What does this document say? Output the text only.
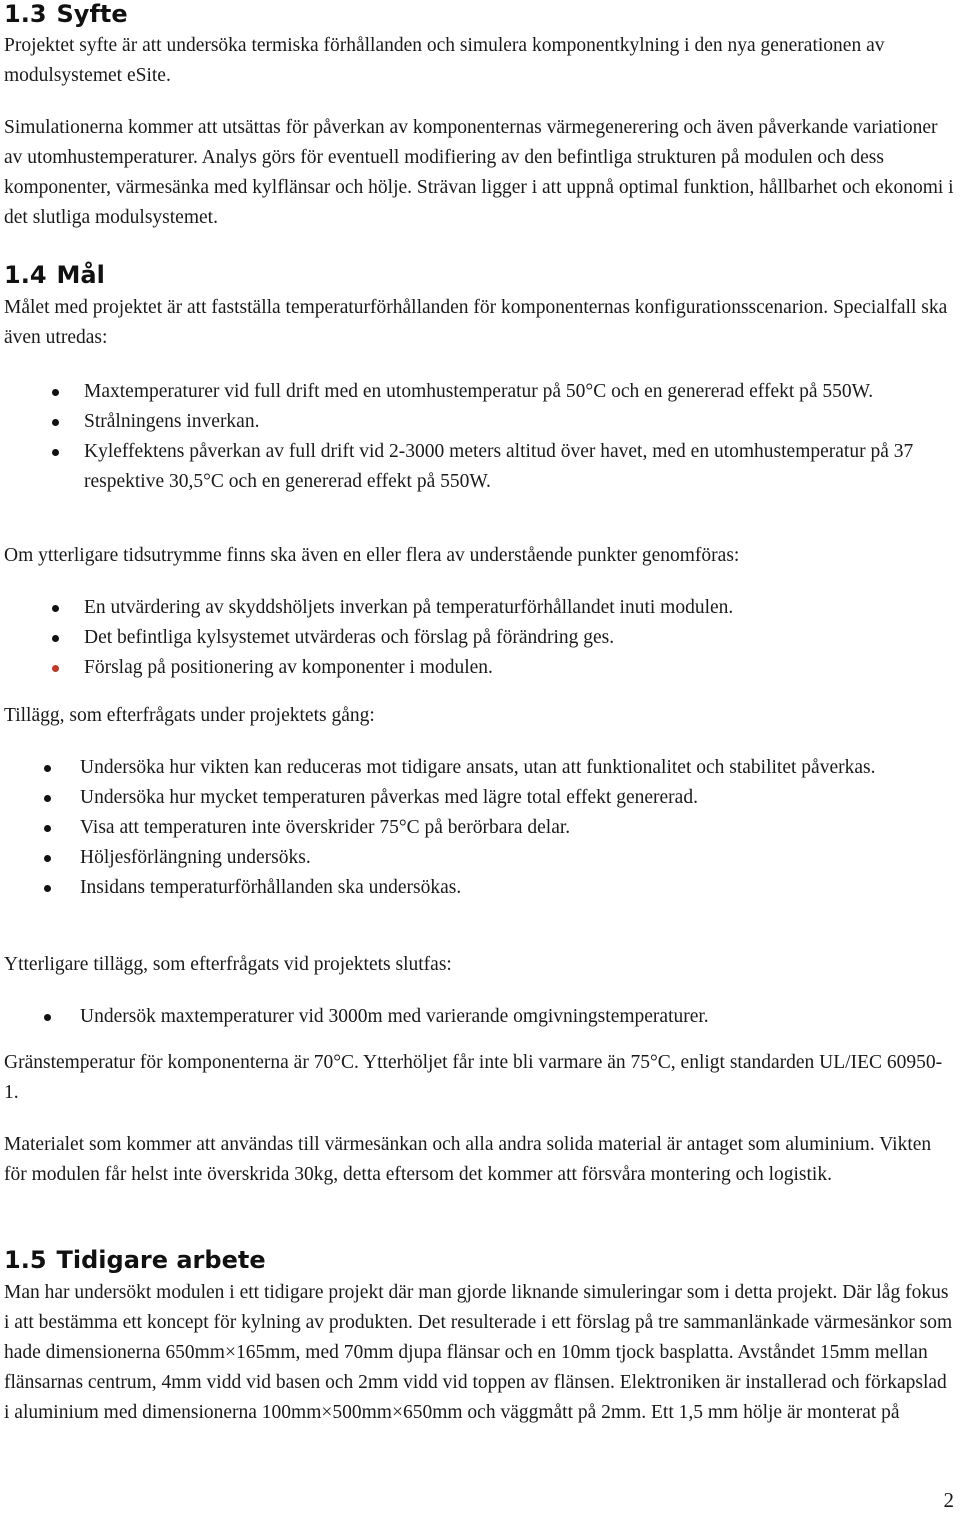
1.3 Syfte

Projektet syfte är att undersöka termiska förhållanden och simulera komponentkylning i den nya generationen av modulsystemet eSite.

Simulationerna kommer att utsättas för påverkan av komponenternas värmegenerering och även påverkande variationer av utomhustemperaturer. Analys görs för eventuell modifiering av den befintliga strukturen på modulen och dess komponenter, värmesänka med kylflänsar och hölje. Strävan ligger i att uppnå optimal funktion, hållbarhet och ekonomi i det slutliga modulsystemet.

1.4 Mål

Målet med projektet är att fastställa temperaturförhållanden för komponenternas konfigurationsscenarion. Specialfall ska även utredas:

Maxtemperaturer vid full drift med en utomhustemperatur på 50°C och en genererad effekt på 550W.
Strålningens inverkan.
Kyleffektens påverkan av full drift vid 2-3000 meters altitud över havet, med en utomhustemperatur på 37 respektive 30,5°C och en genererad effekt på 550W.

Om ytterligare tidsutrymme finns ska även en eller flera av understående punkter genomföras:

En utvärdering av skyddshöljets inverkan på temperaturförhållandet inuti modulen.
Det befintliga kylsystemet utvärderas och förslag på förändring ges.
Förslag på positionering av komponenter i modulen.

Tillägg, som efterfrågats under projektets gång:

Undersöka hur vikten kan reduceras mot tidigare ansats, utan att funktionalitet och stabilitet påverkas.
Undersöka hur mycket temperaturen påverkas med lägre total effekt genererad.
Visa att temperaturen inte överskrider 75°C på berörbara delar.
Höljesförlängning undersöks.
Insidans temperaturförhållanden ska undersökas.

Ytterligare tillägg, som efterfrågats vid projektets slutfas:

Undersök maxtemperaturer vid 3000m med varierande omgivningstemperaturer.

Gränstemperatur för komponenterna är 70°C. Ytterhöljet får inte bli varmare än 75°C, enligt standarden UL/IEC 60950-1.

Materialet som kommer att användas till värmesänkan och alla andra solida material är antaget som aluminium. Vikten för modulen får helst inte överskrida 30kg, detta eftersom det kommer att försvåra montering och logistik.

1.5 Tidigare arbete

Man har undersökt modulen i ett tidigare projekt där man gjorde liknande simuleringar som i detta projekt. Där låg fokus i att bestämma ett koncept för kylning av produkten. Det resulterade i ett förslag på tre sammanlänkade värmesänkor som hade dimensionerna 650mm×165mm, med 70mm djupa flänsar och en 10mm tjock basplatta. Avståndet 15mm mellan flänsarnas centrum, 4mm vidd vid basen och 2mm vidd vid toppen av flänsen. Elektroniken är installerad och förkapslad i aluminium med dimensionerna 100mm×500mm×650mm och väggmått på 2mm. Ett 1,5 mm hölje är monterat på

2
